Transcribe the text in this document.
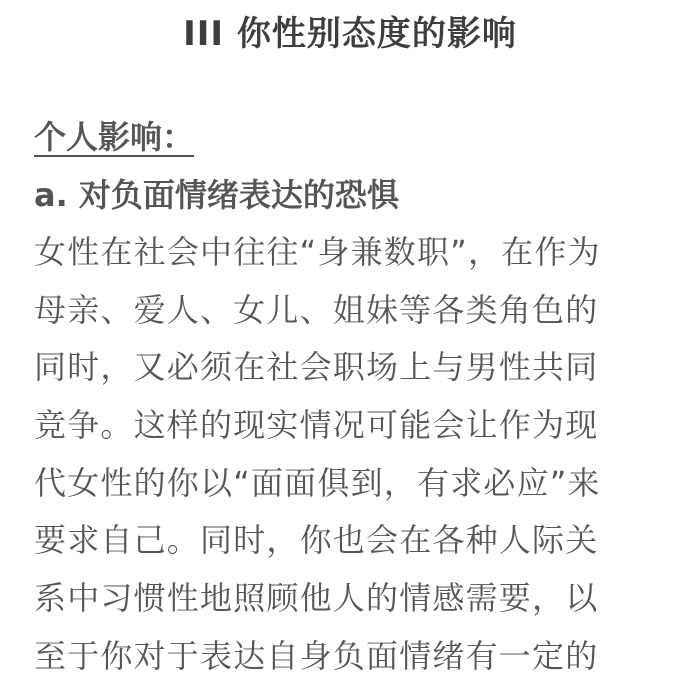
III 你性别态度的影响
个人影响：
a. 对负面情绪表达的恐惧
女性在社会中往往“身兼数职”，在作为
母亲、爱人、女儿、姐妹等各类角色的
同时，又必须在社会职场上与男性共同
竞争。这样的现实情况可能会让作为现
代女性的你以“面面俱到，有求必应”来
要求自己。同时，你也会在各种人际关
系中习惯性地照顾他人的情感需要，以
至于你对于表达自身负面情绪有一定的
